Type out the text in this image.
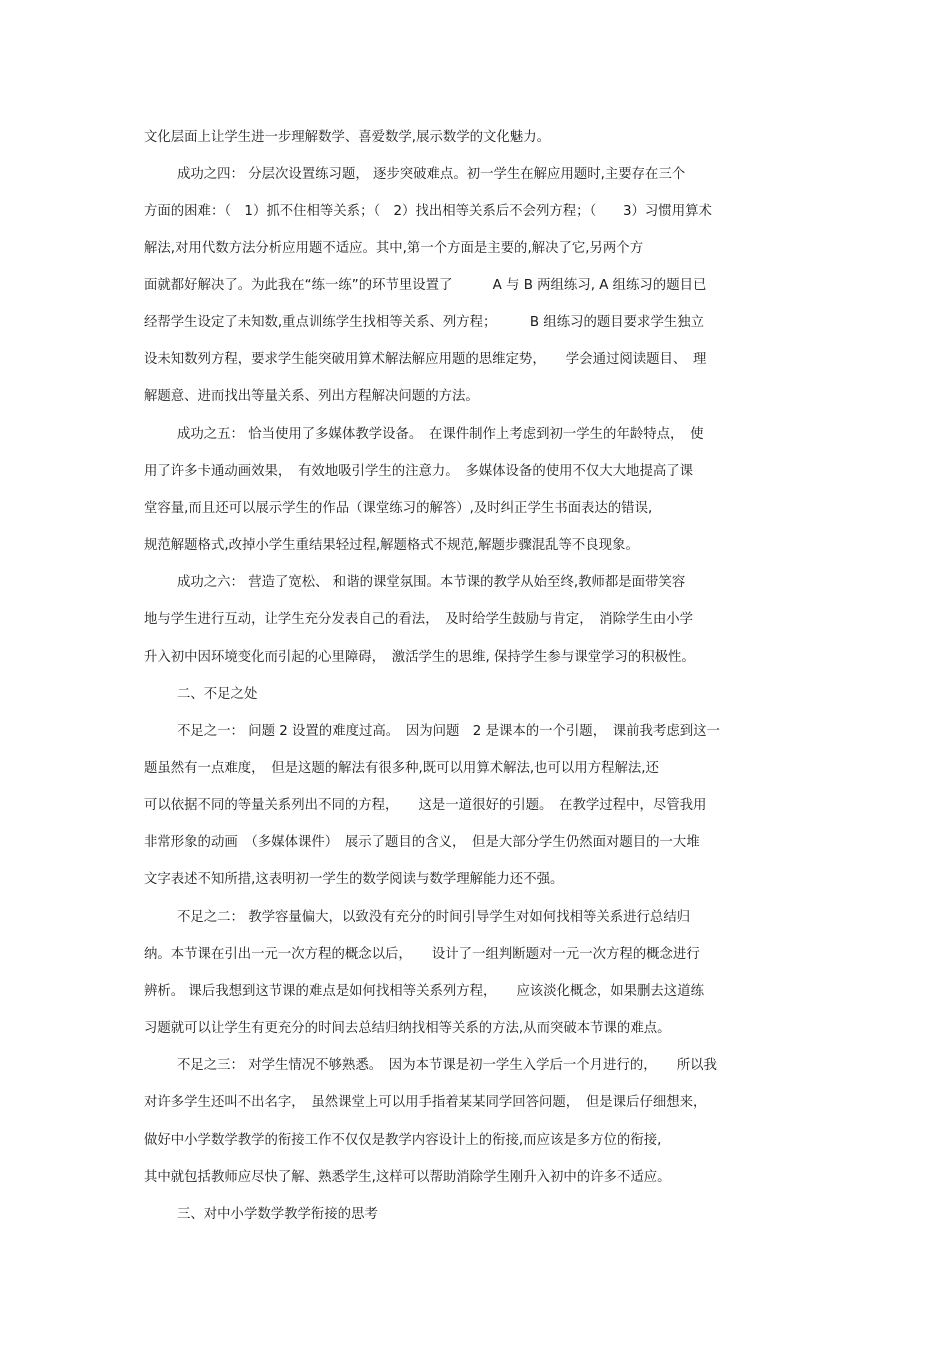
文化层面上让学生进一步理解数学、喜爱数学,展示数学的文化魅力。
成功之四： 分层次设置练习题， 逐步突破难点。初一学生在解应用题时,主要存在三个
方面的困难：（　1）抓不住相等关系；（　2）找出相等关系后不会列方程；（　　3）习惯用算术
解法,对用代数方法分析应用题不适应。其中,第一个方面是主要的,解决了它,另两个方
面就都好解决了。为此我在“练一练”的环节里设置了　　　A 与 B 两组练习, A 组练习的题目已
经帮学生设定了未知数,重点训练学生找相等关系、列方程；　　　B 组练习的题目要求学生独立
设未知数列方程，要求学生能突破用算术解法解应用题的思维定势，　　学会通过阅读题目、　理
解题意、进而找出等量关系、列出方程解决问题的方法。
成功之五： 恰当使用了多媒体教学设备。　在课件制作上考虑到初一学生的年龄特点，　使
用了许多卡通动画效果，　有效地吸引学生的注意力。　多媒体设备的使用不仅大大地提高了课
堂容量,而且还可以展示学生的作品（课堂练习的解答）,及时纠正学生书面表达的错误,
规范解题格式,改掉小学生重结果轻过程,解题格式不规范,解题步骤混乱等不良现象。
成功之六： 营造了宽松、 和谐的课堂氛围。本节课的教学从始至终,教师都是面带笑容
地与学生进行互动，让学生充分发表自己的看法，　及时给学生鼓励与肯定，　消除学生由小学
升入初中因环境变化而引起的心里障碍，　激活学生的思维, 保持学生参与课堂学习的积极性。
二、不足之处
不足之一： 问题 2 设置的难度过高。　因为问题　2 是课本的一个引题，　课前我考虑到这一
题虽然有一点难度，　但是这题的解法有很多种,既可以用算术解法,也可以用方程解法,还
可以依据不同的等量关系列出不同的方程，　　这是一道很好的引题。　在教学过程中，尽管我用
非常形象的动画　（多媒体课件）　展示了题目的含义，　但是大部分学生仍然面对题目的一大堆
文字表述不知所措,这表明初一学生的数学阅读与数学理解能力还不强。
不足之二： 教学容量偏大，以致没有充分的时间引导学生对如何找相等关系进行总结归
纳。本节课在引出一元一次方程的概念以后，　　设计了一组判断题对一元一次方程的概念进行
辨析。 课后我想到这节课的难点是如何找相等关系列方程，　　应该淡化概念，如果删去这道练
习题就可以让学生有更充分的时间去总结归纳找相等关系的方法,从而突破本节课的难点。
不足之三： 对学生情况不够熟悉。　因为本节课是初一学生入学后一个月进行的，　　所以我
对许多学生还叫不出名字，　虽然课堂上可以用手指着某某同学回答问题，　但是课后仔细想来，
做好中小学数学教学的衔接工作不仅仅是教学内容设计上的衔接,而应该是多方位的衔接,
其中就包括教师应尽快了解、熟悉学生,这样可以帮助消除学生刚升入初中的许多不适应。
三、对中小学数学教学衔接的思考
